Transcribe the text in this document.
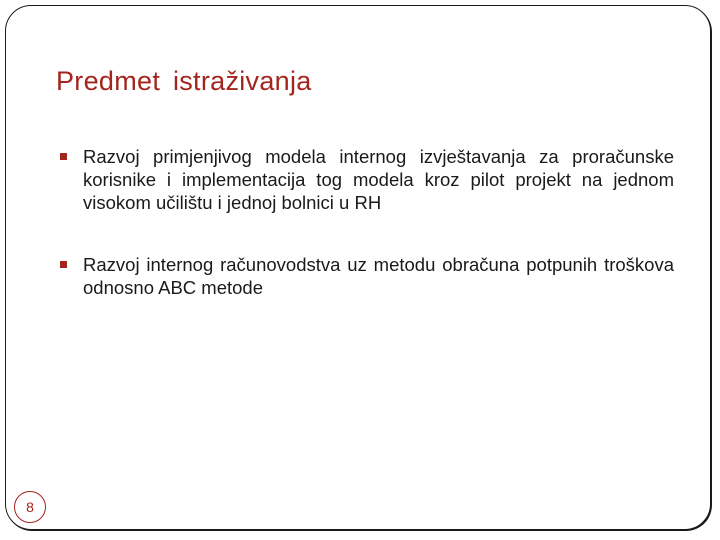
Predmet istraživanja
Razvoj primjenjivog modela internog izvještavanja za proračunske korisnike i implementacija tog modela kroz pilot projekt na jednom visokom učilištu i jednoj bolnici u RH
Razvoj internog računovodstva uz metodu obračuna potpunih troškova odnosno ABC metode
8
